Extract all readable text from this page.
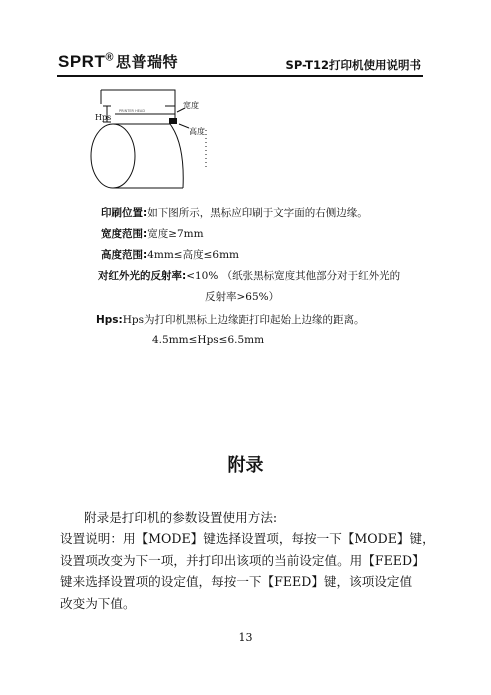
SPRT® 思普瑞特	SP-T12打印机使用说明书
Hps
PRINTER HEAD
宽度
高度
印刷位置:如下图所示，黑标应印刷于文字面的右侧边缘。
宽度范围:宽度≥7mm
高度范围:4mm≤高度≤6mm
对红外光的反射率:<10% （纸张黑标宽度其他部分对于红外光的
反射率>65%）
Hps:Hps为打印机黑标上边缘距打印起始上边缘的距离。
4.5mm≤Hps≤6.5mm
附录
附录是打印机的参数设置使用方法:
设置说明：用【MODE】键选择设置项，每按一下【MODE】键，
设置项改变为下一项，并打印出该项的当前设定值。用【FEED】
键来选择设置项的设定值，每按一下【FEED】键，该项设定值
改变为下值。
13
